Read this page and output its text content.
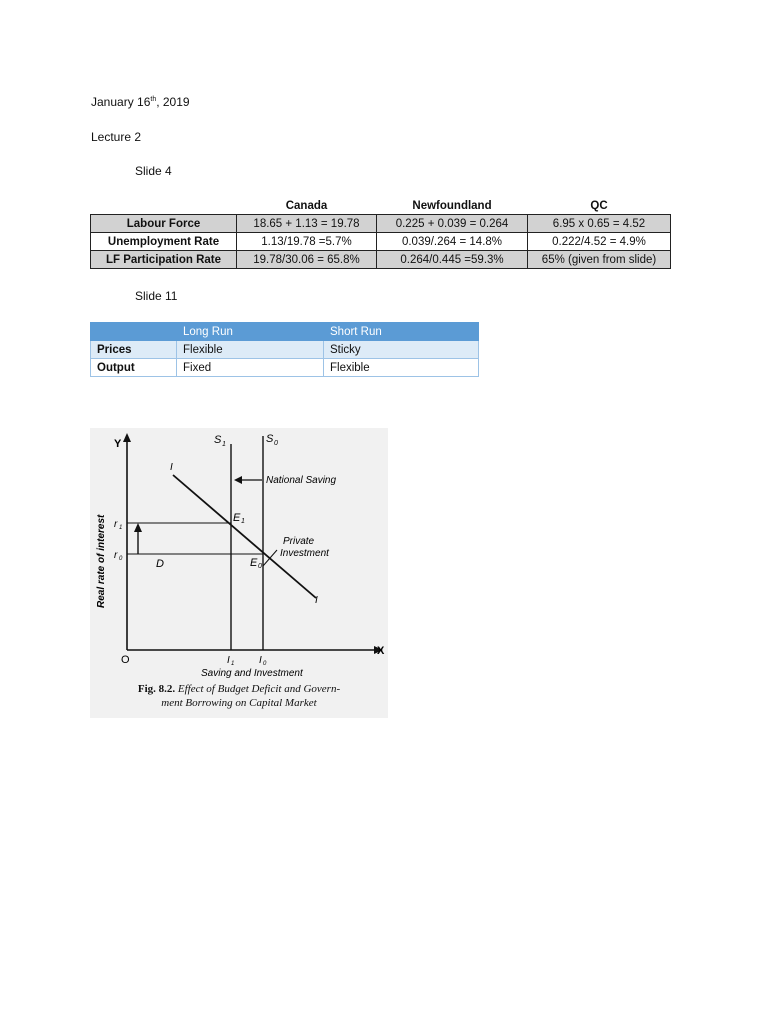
January 16th, 2019

Lecture 2

Slide 4

	Canada	Newfoundland	QC
Labour Force	18.65 + 1.13 = 19.78	0.225 + 0.039 = 0.264	6.95 x 0.65 = 4.52
Unemployment Rate	1.13/19.78 =5.7%	0.039/.264 = 14.8%	0.222/4.52 = 4.9%
LF Participation Rate	19.78/30.06 = 65.8%	0.264/0.445 =59.3%	65% (given from slide)

Slide 11

	Long Run	Short Run
Prices	Flexible	Sticky
Output	Fixed	Flexible
Y
X
O
S 1	S 0
I
I
National Saving
Private
Investment
E 1
E 0
r 1
r 0	D
I 1 I 0
Saving and Investment
Real rate of interest
Fig. 8.2. Effect of Budget Deficit and Govern-
ment Borrowing on Capital Market
